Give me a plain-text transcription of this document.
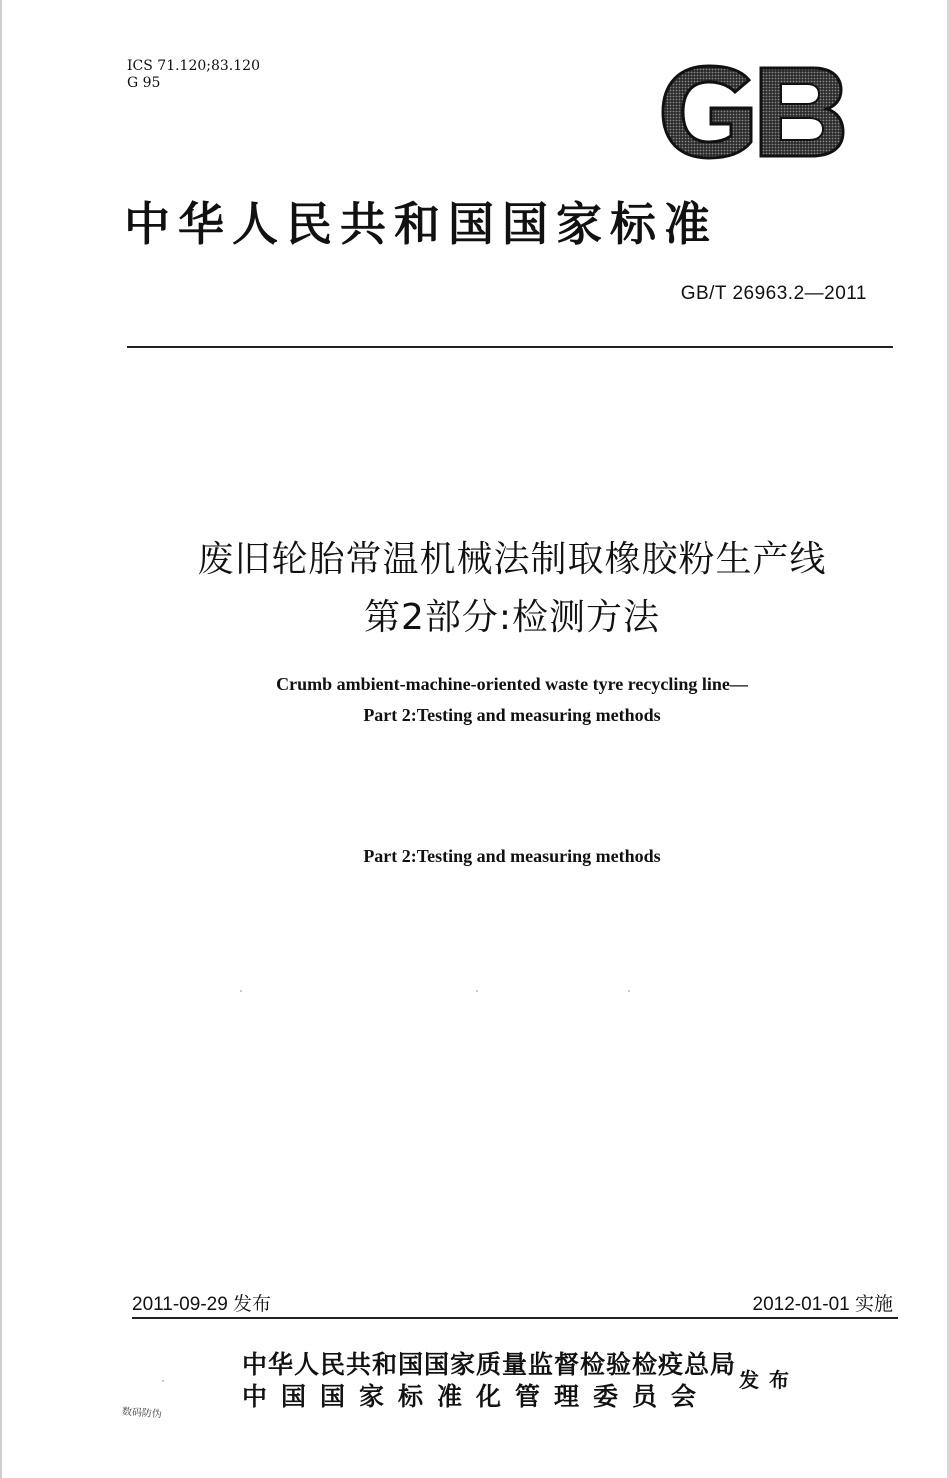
ICS 71.120;83.120
G 95
中华人民共和国国家标准
GB/T 26963.2—2011
废旧轮胎常温机械法制取橡胶粉生产线
第2部分:检测方法
Crumb ambient-machine-oriented waste tyre recycling line—
Part 2:Testing and measuring methods
Part 2:Testing and measuring methods
2011-09-29 发布	2012-01-01 实施
中华人民共和国国家质量监督检验检疫总局
中国国家标准化管理委员会
发布
数码防伪
